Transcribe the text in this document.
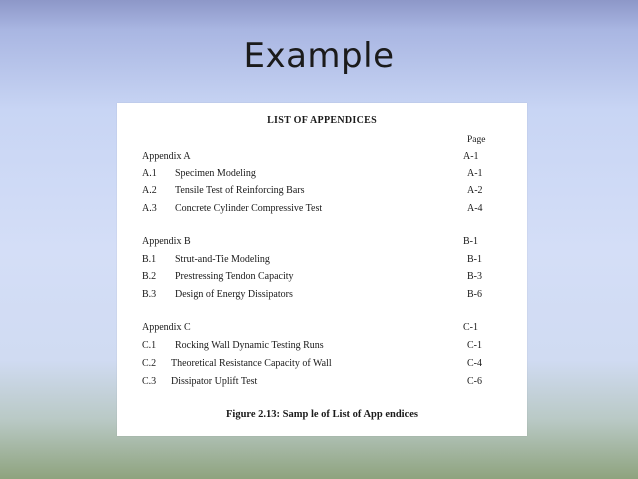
Example
LIST OF APPENDICES
Page
Appendix A	A-1
A.1 Specimen Modeling	A-1
A.2 Tensile Test of Reinforcing Bars	A-2
A.3 Concrete Cylinder Compressive Test	A-4
Appendix B	B-1
B.1 Strut-and-Tie Modeling	B-1
B.2 Prestressing Tendon Capacity	B-3
B.3 Design of Energy Dissipators	B-6
Appendix C	C-1
C.1 Rocking Wall Dynamic Testing Runs	C-1
C.2 Theoretical Resistance Capacity of Wall	C-4
C.3 Dissipator Uplift Test	C-6
Figure 2.13: Samp le of List of App endices
